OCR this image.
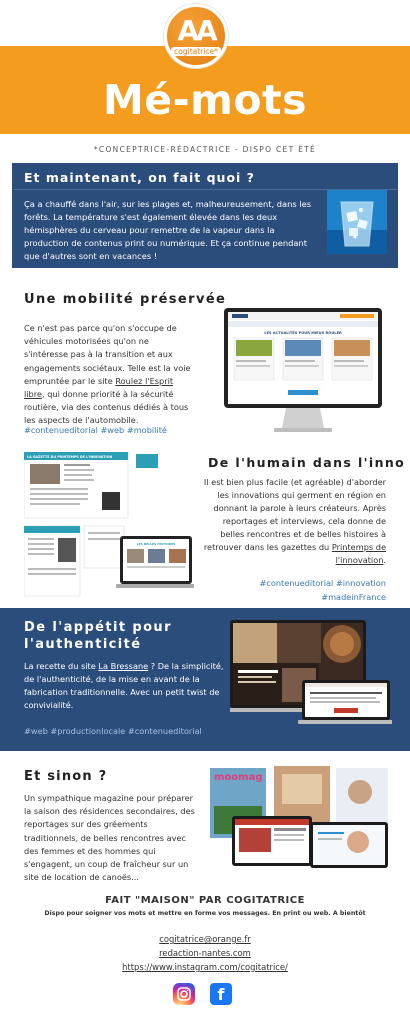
AA
cogitatrice*
Mé-mots
*CONCEPTRICE-RÉDACTRICE - DISPO CET ÉTÉ
Et maintenant, on fait quoi ?
Ça a chauffé dans l'air, sur les plages et, malheureusement, dans les forêts. La température s'est également élevée dans les deux hémisphères du cerveau pour remettre de la vapeur dans la production de contenus print ou numérique. Et ça continue pendant que d'autres sont en vacances !
Une mobilité préservée
Ce n'est pas parce qu'on s'occupe de véhicules motorisées qu'on ne s'intéresse pas à la transition et aux engagements sociétaux. Telle est la voie empruntée par le site Roulez l'Esprit libre, qui donne priorité à la sécurité routière, via des contenus dédiés à tous les aspects de l'automobile.
#contenueditorial #web #mobilité
LES ACTUALITÉS POUR MIEUX ROULER
De l'humain dans l'inno
Il est bien plus facile (et agréable) d'aborder les innovations qui germent en région en donnant la parole à leurs créateurs. Après reportages et interviews, cela donne de belles rencontres et de belles histoires à retrouver dans les gazettes du Printemps de l'innovation.
#contenueditorial #innovation
#madeinFrance
LA GAZETTE DU PRINTEMPS DE L'INNOVATION
LES BELLES HISTOIRES
De l'appétit pour
l'authenticité
La recette du site La Bressane ? De la simplicité, de l'authenticité, de la mise en avant de la fabrication traditionnelle. Avec un petit twist de convivialité.
#web #productionlocale #contenueditorial
Et sinon ?
Un sympathique magazine pour préparer la saison des résidences secondaires, des reportages sur des gréements traditionnels, de belles rencontres avec des femmes et des hommes qui s'engagent, un coup de fraîcheur sur un site de location de canoës...
moomag
FAIT "MAISON" PAR COGITATRICE
Dispo pour soigner vos mots et mettre en forme vos messages. En print ou web. A bientôt
cogitatrice@orange.fr
redaction-nantes.com
https://www.instagram.com/cogitatrice/
f
